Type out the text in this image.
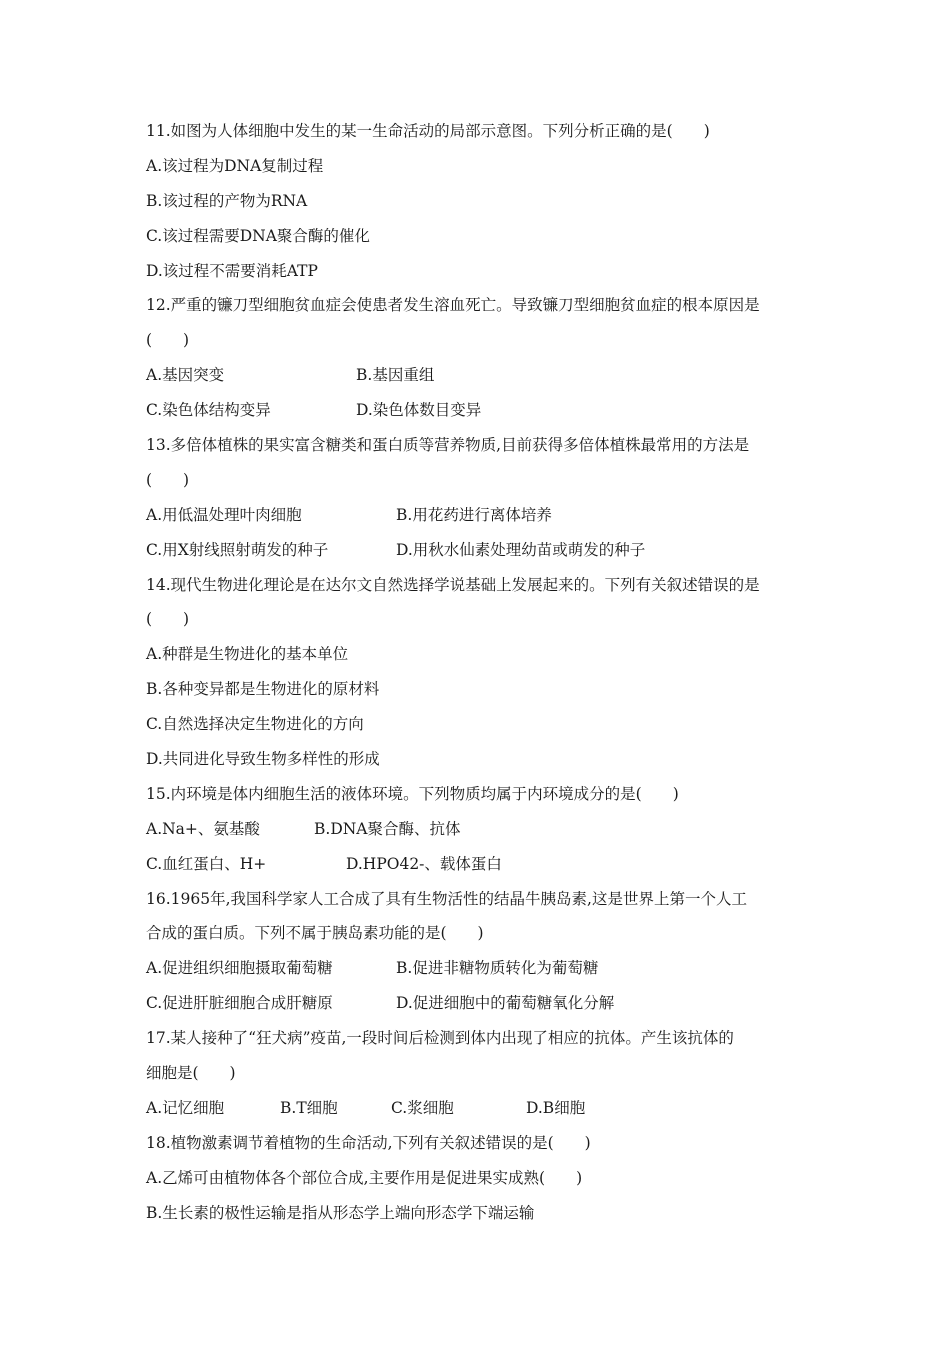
11.如图为人体细胞中发生的某一生命活动的局部示意图。下列分析正确的是(　　)
A.该过程为DNA复制过程
B.该过程的产物为RNA
C.该过程需要DNA聚合酶的催化
D.该过程不需要消耗ATP
12.严重的镰刀型细胞贫血症会使患者发生溶血死亡。导致镰刀型细胞贫血症的根本原因是
(　　)
A.基因突变	B.基因重组
C.染色体结构变异	D.染色体数目变异
13.多倍体植株的果实富含糖类和蛋白质等营养物质,目前获得多倍体植株最常用的方法是
(　　)
A.用低温处理叶肉细胞	B.用花药进行离体培养
C.用X射线照射萌发的种子	D.用秋水仙素处理幼苗或萌发的种子
14.现代生物进化理论是在达尔文自然选择学说基础上发展起来的。下列有关叙述错误的是
(　　)
A.种群是生物进化的基本单位
B.各种变异都是生物进化的原材料
C.自然选择决定生物进化的方向
D.共同进化导致生物多样性的形成
15.内环境是体内细胞生活的液体环境。下列物质均属于内环境成分的是(　　)
A.Na+、氨基酸	B.DNA聚合酶、抗体
C.血红蛋白、H+	D.HPO42-、载体蛋白
16.1965年,我国科学家人工合成了具有生物活性的结晶牛胰岛素,这是世界上第一个人工
合成的蛋白质。下列不属于胰岛素功能的是(　　)
A.促进组织细胞摄取葡萄糖	B.促进非糖物质转化为葡萄糖
C.促进肝脏细胞合成肝糖原	D.促进细胞中的葡萄糖氧化分解
17.某人接种了“狂犬病”疫苗,一段时间后检测到体内出现了相应的抗体。产生该抗体的
细胞是(　　)
A.记忆细胞	B.T细胞	C.浆细胞	D.B细胞
18.植物激素调节着植物的生命活动,下列有关叙述错误的是(　　)
A.乙烯可由植物体各个部位合成,主要作用是促进果实成熟(　　)
B.生长素的极性运输是指从形态学上端向形态学下端运输
